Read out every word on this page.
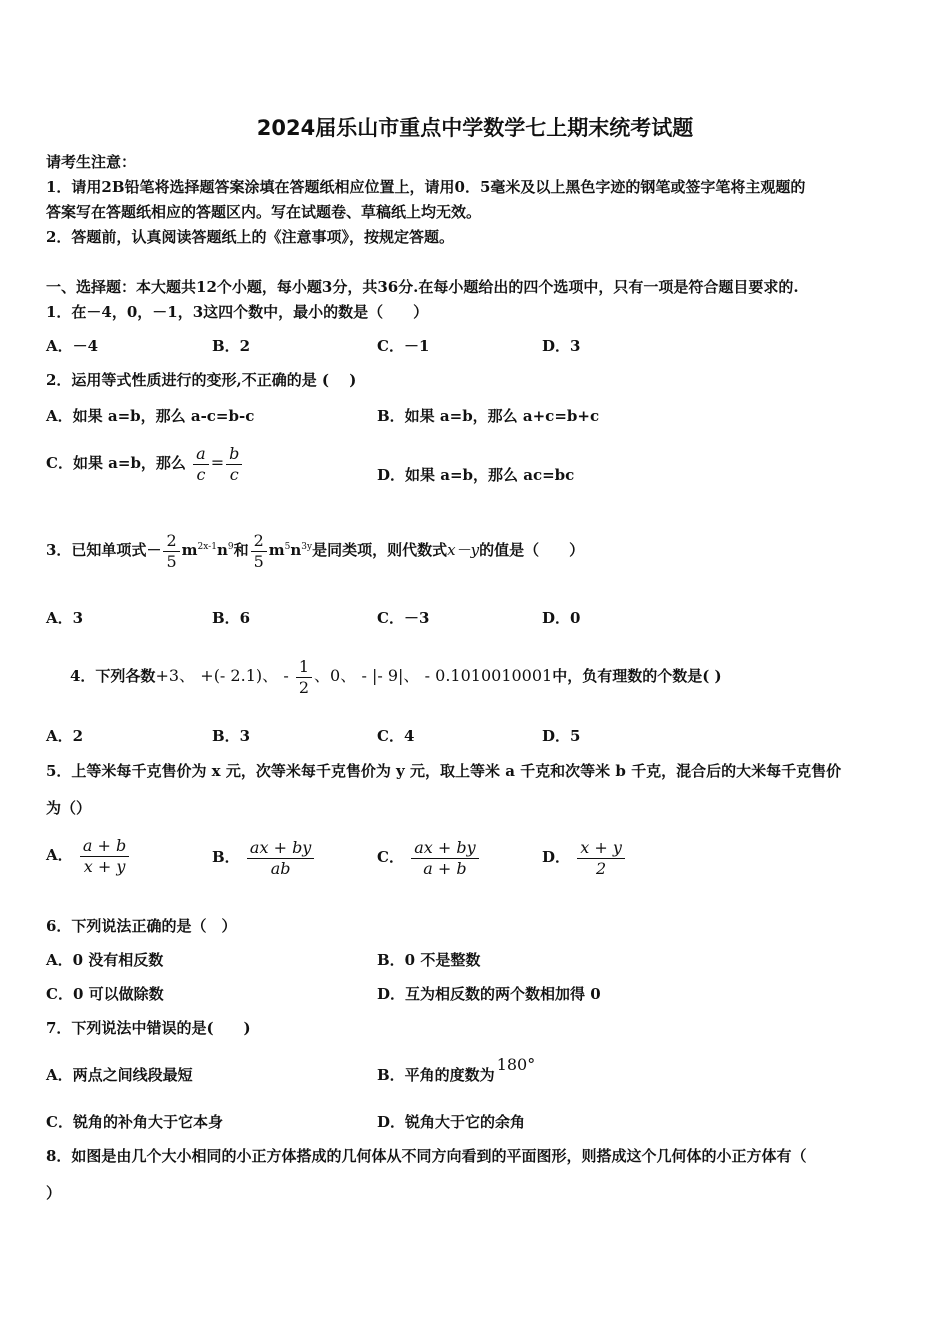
2024届乐山市重点中学数学七上期末统考试题
请考生注意：
1．请用2B铅笔将选择题答案涂填在答题纸相应位置上，请用0．5毫米及以上黑色字迹的钢笔或签字笔将主观题的
答案写在答题纸相应的答题区内。写在试题卷、草稿纸上均无效。
2．答题前，认真阅读答题纸上的《注意事项》，按规定答题。
一、选择题：本大题共12个小题，每小题3分，共36分.在每小题给出的四个选项中，只有一项是符合题目要求的.
1．在－4，0，－1，3这四个数中，最小的数是（　　）
A．－4	B．2	C．－1	D．3
2．运用等式性质进行的变形,不正确的是 (　 )
A．如果 a=b，那么 a-c=b-c	B．如果 a=b，那么 a+c=b+c
C．如果 a=b，那么 $\frac{a}{c} = \frac{b}{c}$	D．如果 a=b，那么 ac=bc
3．已知单项式－ $\frac{2}{5} m^{2x-1}n^9$和 $\frac{2}{5} m^5n^{3y}$是同类项，则代数式x－y的值是（　　）
A．3	B．6	C．－3	D．0
4．下列各数+3、 +(- 2.1)、 - $\frac{1}{2}$ 、0、 - |- 9|、 - 0.1010010001中，负有理数的个数是( )
A．2	B．3	C．4	D．5
5．上等米每千克售价为 x 元，次等米每千克售价为 y 元，取上等米 a 千克和次等米 b 千克，混合后的大米每千克售价
为（）
A． $\frac{a + b}{x + y}$	B． $\frac{ax + by}{ab}$	C． $\frac{ax + by}{a + b}$	D． $\frac{x + y}{2}$
6．下列说法正确的是（　）
A．0 没有相反数	B．0 不是整数
C．0 可以做除数	D．互为相反数的两个数相加得 0
7．下列说法中错误的是(　　)
A．两点之间线段最短	B．平角的度数为180°
C．锐角的补角大于它本身	D．锐角大于它的余角
8．如图是由几个大小相同的小正方体搭成的几何体从不同方向看到的平面图形，则搭成这个几何体的小正方体有（
）
